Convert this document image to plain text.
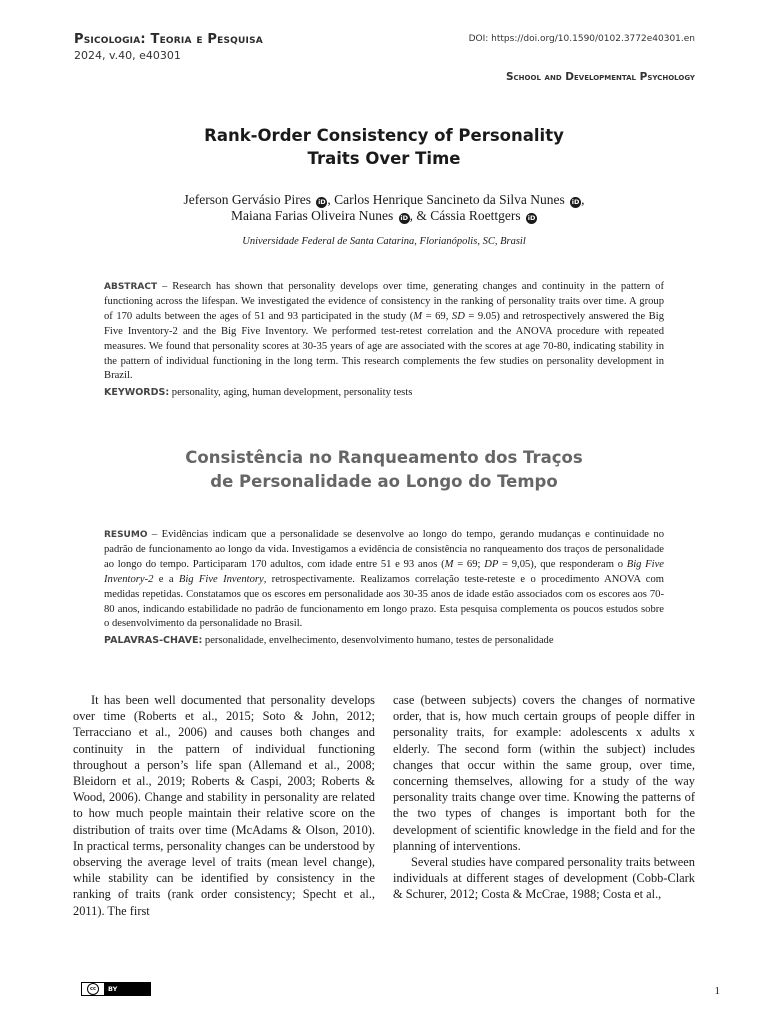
Psicologia: Teoria e Pesquisa
2024, v.40, e40301
DOI: https://doi.org/10.1590/0102.3772e40301.en
School and Developmental Psychology
Rank-Order Consistency of Personality
Traits Over Time
Jeferson Gervásio Pires iD , Carlos Henrique Sancineto da Silva Nunes iD ,
Maiana Farias Oliveira Nunes iD , & Cássia Roettgers iD
Universidade Federal de Santa Catarina, Florianópolis, SC, Brasil
ABSTRACT – Research has shown that personality develops over time, generating changes and continuity in the pattern of functioning across the lifespan. We investigated the evidence of consistency in the ranking of personality traits over time. A group of 170 adults between the ages of 51 and 93 participated in the study (M = 69, SD = 9.05) and retrospectively answered the Big Five Inventory-2 and the Big Five Inventory. We performed test-retest correlation and the ANOVA procedure with repeated measures. We found that personality scores at 30-35 years of age are associated with the scores at age 70-80, indicating stability in the pattern of individual functioning in the long term. This research complements the few studies on personality development in Brazil.
KEYWORDS: personality, aging, human development, personality tests
Consistência no Ranqueamento dos Traços
de Personalidade ao Longo do Tempo
RESUMO – Evidências indicam que a personalidade se desenvolve ao longo do tempo, gerando mudanças e continuidade no padrão de funcionamento ao longo da vida. Investigamos a evidência de consistência no ranqueamento dos traços de personalidade ao longo do tempo. Participaram 170 adultos, com idade entre 51 e 93 anos (M = 69; DP = 9,05), que responderam o Big Five Inventory-2 e a Big Five Inventory, retrospectivamente. Realizamos correlação teste-reteste e o procedimento ANOVA com medidas repetidas. Constatamos que os escores em personalidade aos 30-35 anos de idade estão associados com os escores aos 70-80 anos, indicando estabilidade no padrão de funcionamento em longo prazo. Esta pesquisa complementa os poucos estudos sobre o desenvolvimento da personalidade no Brasil.
PALAVRAS-CHAVE: personalidade, envelhecimento, desenvolvimento humano, testes de personalidade

It has been well documented that personality develops over time (Roberts et al., 2015; Soto & John, 2012; Terracciano et al., 2006) and causes both changes and continuity in the pattern of individual functioning throughout a person’s life span (Allemand et al., 2008; Bleidorn et al., 2019; Roberts & Caspi, 2003; Roberts & Wood, 2006). Change and stability in personality are related to how much people maintain their relative score on the distribution of traits over time (McAdams & Olson, 2010). In practical terms, personality changes can be understood by observing the average level of traits (mean level change), while stability can be identified by consistency in the ranking of traits (rank order consistency; Specht et al., 2011). The first

case (between subjects) covers the changes of normative order, that is, how much certain groups of people differ in personality traits, for example: adolescents x adults x elderly. The second form (within the subject) includes changes that occur within the same group, over time, concerning themselves, allowing for a study of the way personality traits change over time. Knowing the patterns of the two types of changes is important both for the development of scientific knowledge in the field and for the planning of interventions.

Several studies have compared personality traits between individuals at different stages of development (Cobb-Clark & Schurer, 2012; Costa & McCrae, 1988; Costa et al.,

cc	BY	1
